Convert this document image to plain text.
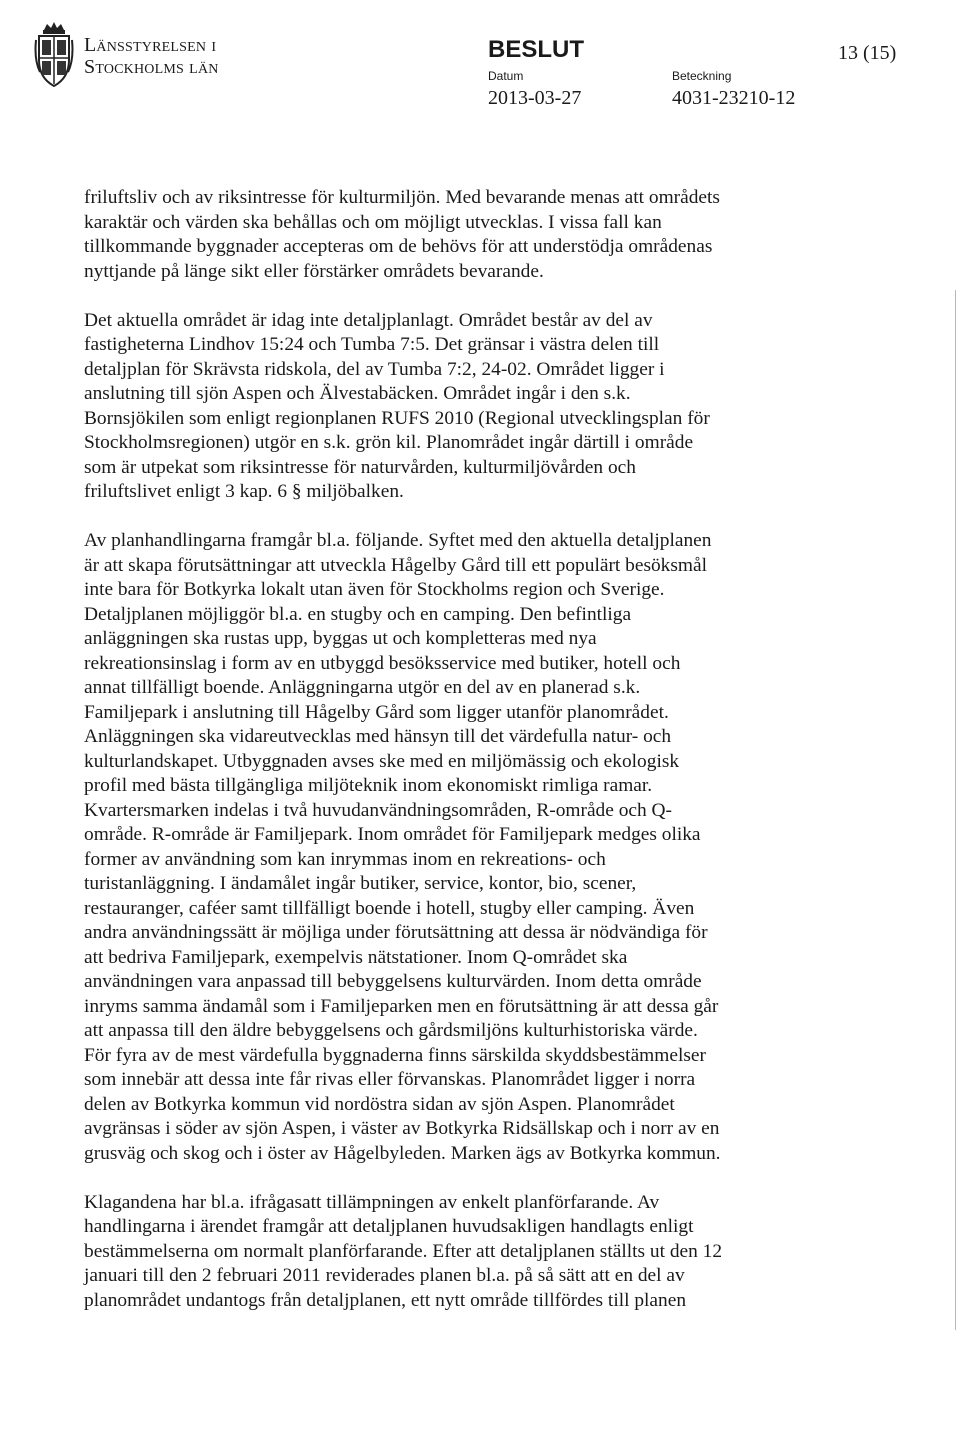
Länsstyrelsen i
Stockholms län
BESLUT
Datum
2013-03-27
Beteckning
4031-23210-12
13 (15)

friluftsliv och av riksintresse för kulturmiljön. Med bevarande menas att områdets

karaktär och värden ska behållas och om möjligt utvecklas. I vissa fall kan

tillkommande byggnader accepteras om de behövs för att understödja områdenas

nyttjande på länge sikt eller förstärker områdets bevarande.

Det aktuella området är idag inte detaljplanlagt. Området består av del av

fastigheterna Lindhov 15:24 och Tumba 7:5. Det gränsar i västra delen till

detaljplan för Skrävsta ridskola, del av Tumba 7:2, 24-02. Området ligger i

anslutning till sjön Aspen och Älvestabäcken. Området ingår i den s.k.

Bornsjökilen som enligt regionplanen RUFS 2010 (Regional utvecklingsplan för

Stockholmsregionen) utgör en s.k. grön kil. Planområdet ingår därtill i område

som är utpekat som riksintresse för naturvården, kulturmiljövården och

friluftslivet enligt 3 kap. 6 § miljöbalken.

Av planhandlingarna framgår bl.a. följande. Syftet med den aktuella detaljplanen

är att skapa förutsättningar att utveckla Hågelby Gård till ett populärt besöksmål

inte bara för Botkyrka lokalt utan även för Stockholms region och Sverige.

Detaljplanen möjliggör bl.a. en stugby och en camping. Den befintliga

anläggningen ska rustas upp, byggas ut och kompletteras med nya

rekreationsinslag i form av en utbyggd besöksservice med butiker, hotell och

annat tillfälligt boende. Anläggningarna utgör en del av en planerad s.k.

Familjepark i anslutning till Hågelby Gård som ligger utanför planområdet.

Anläggningen ska vidareutvecklas med hänsyn till det värdefulla natur- och

kulturlandskapet. Utbyggnaden avses ske med en miljömässig och ekologisk

profil med bästa tillgängliga miljöteknik inom ekonomiskt rimliga ramar.

Kvartersmarken indelas i två huvudanvändningsområden, R-område och Q-

område. R-område är Familjepark. Inom området för Familjepark medges olika

former av användning som kan inrymmas inom en rekreations- och

turistanläggning. I ändamålet ingår butiker, service, kontor, bio, scener,

restauranger, caféer samt tillfälligt boende i hotell, stugby eller camping. Även

andra användningssätt är möjliga under förutsättning att dessa är nödvändiga för

att bedriva Familjepark, exempelvis nätstationer. Inom Q-området ska

användningen vara anpassad till bebyggelsens kulturvärden. Inom detta område

inryms samma ändamål som i Familjeparken men en förutsättning är att dessa går

att anpassa till den äldre bebyggelsens och gårdsmiljöns kulturhistoriska värde.

För fyra av de mest värdefulla byggnaderna finns särskilda skyddsbestämmelser

som innebär att dessa inte får rivas eller förvanskas. Planområdet ligger i norra

delen av Botkyrka kommun vid nordöstra sidan av sjön Aspen. Planområdet

avgränsas i söder av sjön Aspen, i väster av Botkyrka Ridsällskap och i norr av en

grusväg och skog och i öster av Hågelbyleden. Marken ägs av Botkyrka kommun.

Klagandena har bl.a. ifrågasatt tillämpningen av enkelt planförfarande. Av

handlingarna i ärendet framgår att detaljplanen huvudsakligen handlagts enligt

bestämmelserna om normalt planförfarande. Efter att detaljplanen ställts ut den 12

januari till den 2 februari 2011 reviderades planen bl.a. på så sätt att en del av

planområdet undantogs från detaljplanen, ett nytt område tillfördes till planen
